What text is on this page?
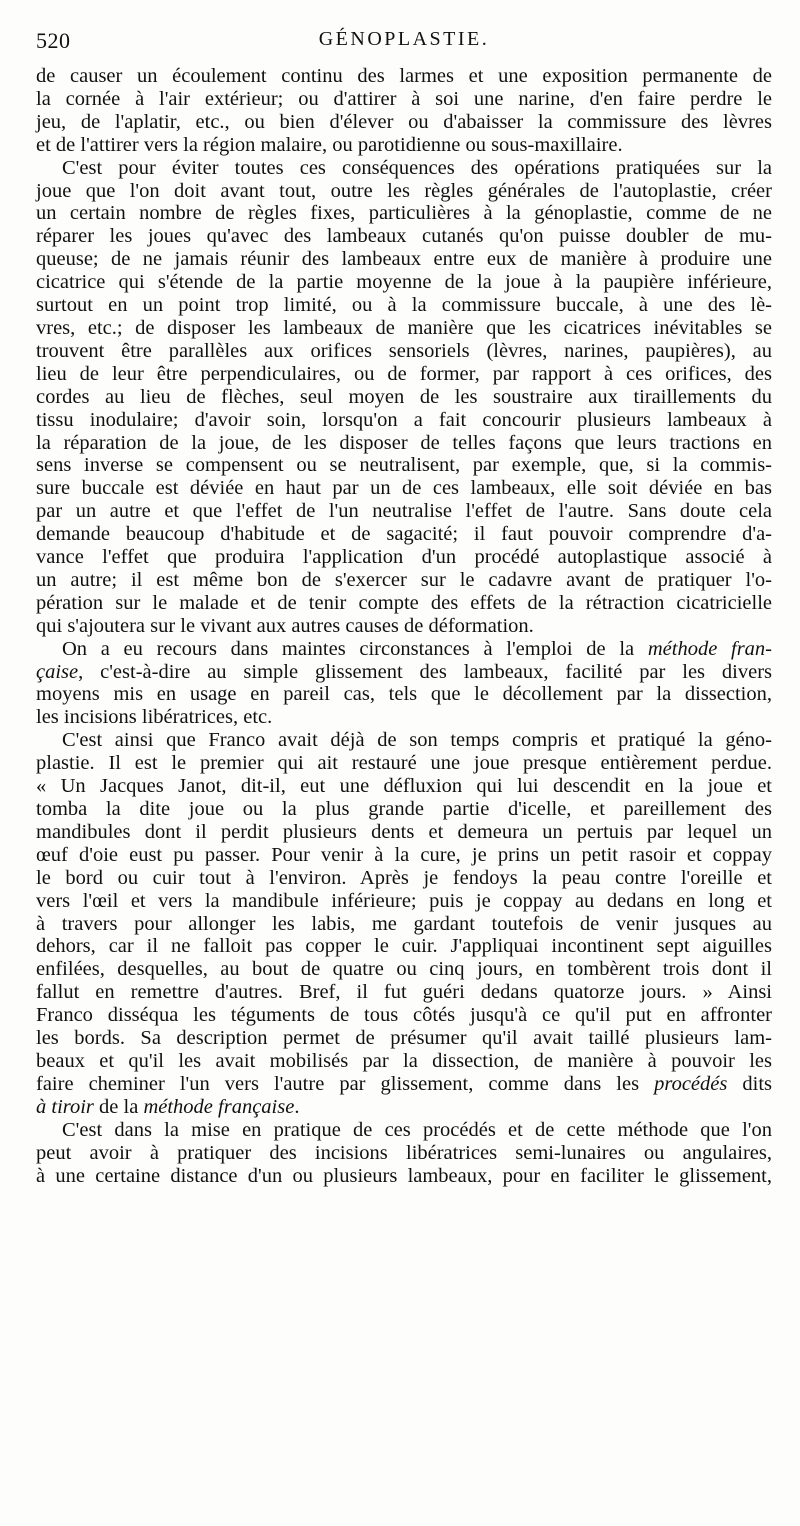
520	GÉNOPLASTIE.

de causer un écoulement continu des larmes et une exposition permanente de
la cornée à l'air extérieur; ou d'attirer à soi une narine, d'en faire perdre le
jeu, de l'aplatir, etc., ou bien d'élever ou d'abaisser la commissure des lèvres
et de l'attirer vers la région malaire, ou parotidienne ou sous-maxillaire.

C'est pour éviter toutes ces conséquences des opérations pratiquées sur la
joue que l'on doit avant tout, outre les règles générales de l'autoplastie, créer
un certain nombre de règles fixes, particulières à la génoplastie, comme de ne
réparer les joues qu'avec des lambeaux cutanés qu'on puisse doubler de mu-
queuse; de ne jamais réunir des lambeaux entre eux de manière à produire une
cicatrice qui s'étende de la partie moyenne de la joue à la paupière inférieure,
surtout en un point trop limité, ou à la commissure buccale, à une des lè-
vres, etc.; de disposer les lambeaux de manière que les cicatrices inévitables se
trouvent être parallèles aux orifices sensoriels (lèvres, narines, paupières), au
lieu de leur être perpendiculaires, ou de former, par rapport à ces orifices, des
cordes au lieu de flèches, seul moyen de les soustraire aux tiraillements du
tissu inodulaire; d'avoir soin, lorsqu'on a fait concourir plusieurs lambeaux à
la réparation de la joue, de les disposer de telles façons que leurs tractions en
sens inverse se compensent ou se neutralisent, par exemple, que, si la commis-
sure buccale est déviée en haut par un de ces lambeaux, elle soit déviée en bas
par un autre et que l'effet de l'un neutralise l'effet de l'autre. Sans doute cela
demande beaucoup d'habitude et de sagacité; il faut pouvoir comprendre d'a-
vance l'effet que produira l'application d'un procédé autoplastique associé à
un autre; il est même bon de s'exercer sur le cadavre avant de pratiquer l'o-
pération sur le malade et de tenir compte des effets de la rétraction cicatricielle
qui s'ajoutera sur le vivant aux autres causes de déformation.

On a eu recours dans maintes circonstances à l'emploi de la méthode fran-
çaise, c'est-à-dire au simple glissement des lambeaux, facilité par les divers
moyens mis en usage en pareil cas, tels que le décollement par la dissection,
les incisions libératrices, etc.

C'est ainsi que Franco avait déjà de son temps compris et pratiqué la géno-
plastie. Il est le premier qui ait restauré une joue presque entièrement perdue.
« Un Jacques Janot, dit-il, eut une défluxion qui lui descendit en la joue et
tomba la dite joue ou la plus grande partie d'icelle, et pareillement des
mandibules dont il perdit plusieurs dents et demeura un pertuis par lequel un
œuf d'oie eust pu passer. Pour venir à la cure, je prins un petit rasoir et coppay
le bord ou cuir tout à l'environ. Après je fendoys la peau contre l'oreille et
vers l'œil et vers la mandibule inférieure; puis je coppay au dedans en long et
à travers pour allonger les labis, me gardant toutefois de venir jusques au
dehors, car il ne falloit pas copper le cuir. J'appliquai incontinent sept aiguilles
enfilées, desquelles, au bout de quatre ou cinq jours, en tombèrent trois dont il
fallut en remettre d'autres. Bref, il fut guéri dedans quatorze jours. » Ainsi
Franco disséqua les téguments de tous côtés jusqu'à ce qu'il put en affronter
les bords. Sa description permet de présumer qu'il avait taillé plusieurs lam-
beaux et qu'il les avait mobilisés par la dissection, de manière à pouvoir les
faire cheminer l'un vers l'autre par glissement, comme dans les procédés dits
à tiroir de la méthode française.

C'est dans la mise en pratique de ces procédés et de cette méthode que l'on
peut avoir à pratiquer des incisions libératrices semi-lunaires ou angulaires,
à une certaine distance d'un ou plusieurs lambeaux, pour en faciliter le glissement,
